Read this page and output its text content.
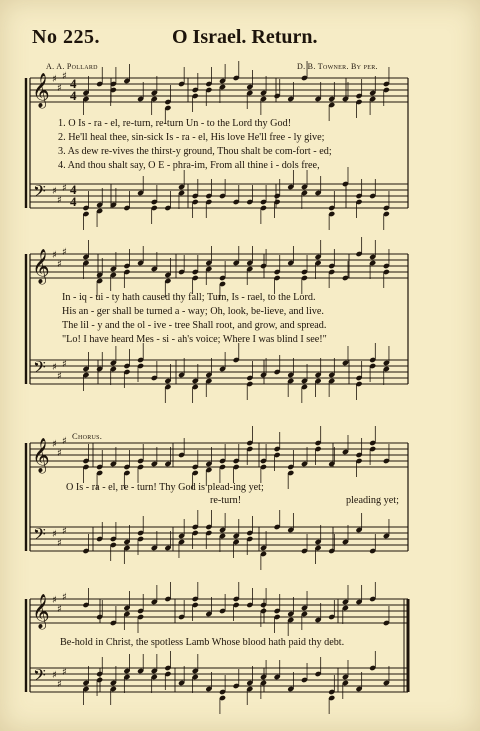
No 225.	O Israel. Return.
A. A. Pollard	D. B. Towner. By per.
𝄞
𝄢
♯
♯
♯
♯
♯
♯
4
4
4
4
𝄞
𝄢
♯
♯
♯
♯
♯
♯
𝄞
𝄢
♯
♯
♯
♯
♯
♯
𝄞
𝄢
♯
♯
♯
♯
♯
♯
1. O Is - ra - el, re-turn, re-turn Un - to the Lord thy God!
2. He'll heal thee, sin-sick Is - ra - el, His love He'll free - ly give;
3. As dew re-vives the thirst-y ground, Thou shalt be com-fort - ed;
4. And thou shalt say, O E - phra-im, From all thine i - dols free,
In - iq - ui - ty hath caused thy fall; Turn, Is - rael, to the Lord.
His an - ger shall be turned a - way; Oh, look, be-lieve, and live.
The lil - y and the ol - ive - tree Shall root, and grow, and spread.
"Lo! I have heard Mes - si - ah's voice; Where I was blind I see!"
Chorus.
O Is - ra - el, re - turn! Thy God is plead-ing yet;
re-turn!	pleading yet;
Be-hold in Christ, the spotless Lamb Whose blood hath paid thy debt.
